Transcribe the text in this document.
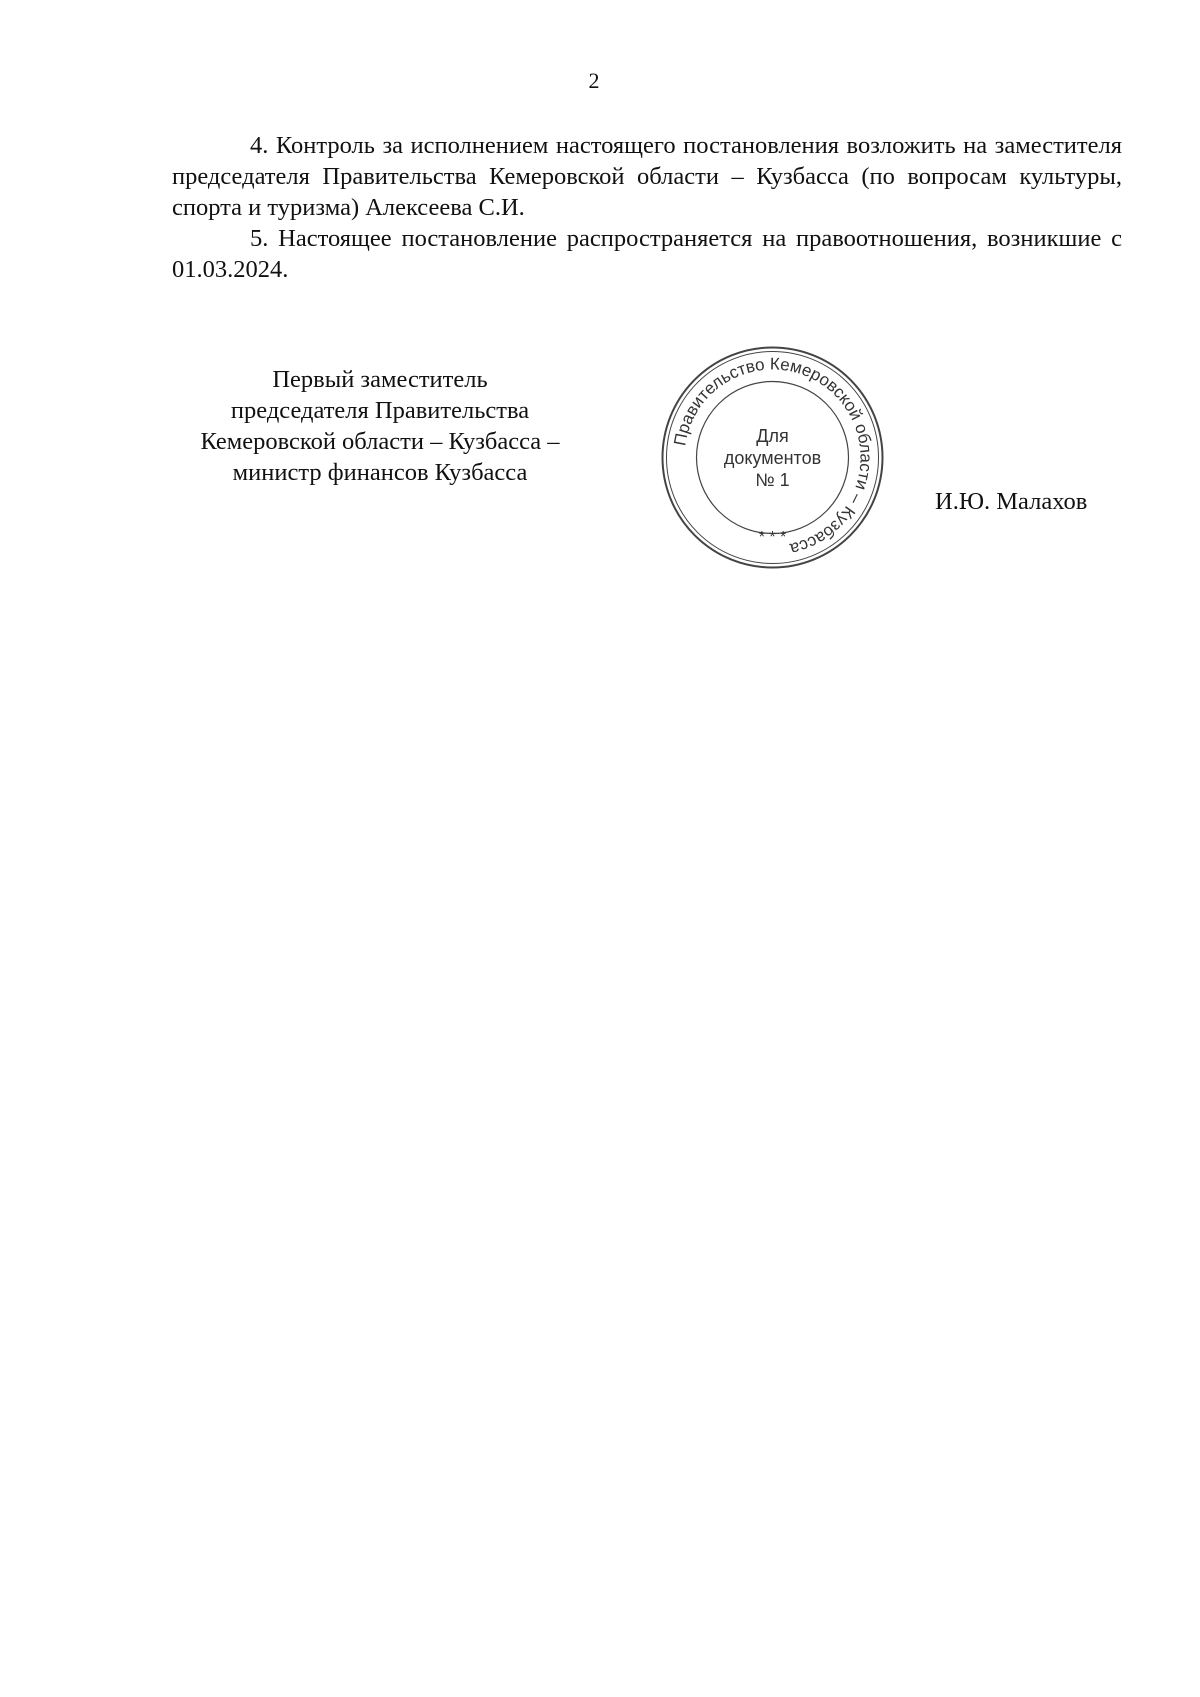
2
4. Контроль за исполнением настоящего постановления возложить на заместителя председателя Правительства Кемеровской области – Кузбасса (по вопросам культуры, спорта и туризма) Алексеева С.И.
5. Настоящее постановление распространяется на правоотношения, возникшие с 01.03.2024.
Первый заместитель
председателя Правительства
Кемеровской области – Кузбасса –
министр финансов Кузбасса
Правительство Кемеровской области – Кузбасса
* * *
Для
документов
№ 1
И.Ю. Малахов
